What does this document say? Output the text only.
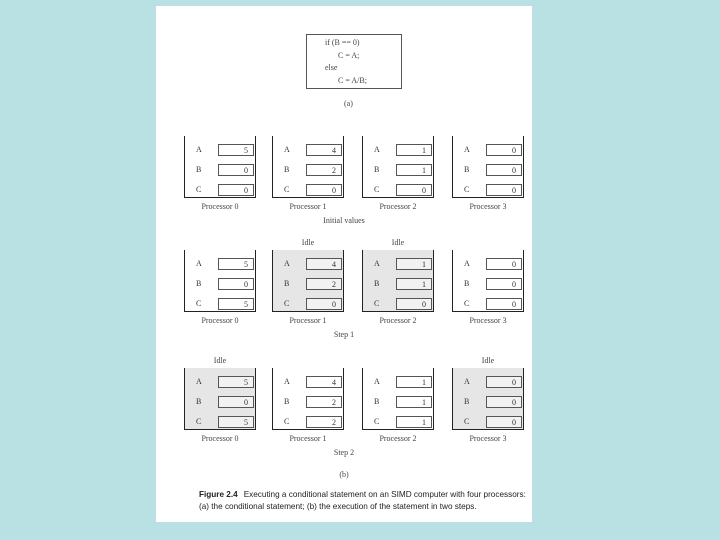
if (B == 0)
C = A;
else
C = A/B;
(a)
A	5
B	0
C	0
Processor 0
A	4
B	2
C	0
Processor 1
A	1
B	1
C	0
Processor 2
A	0
B	0
C	0
Processor 3
Initial values
A	5
B	0
C	5
Processor 0
A	4
B	2
C	0
Processor 1
Idle
A	1
B	1
C	0
Processor 2
Idle
A	0
B	0
C	0
Processor 3
Step 1
A	5
B	0
C	5
Processor 0
Idle
A	4
B	2
C	2
Processor 1
A	1
B	1
C	1
Processor 2
A	0
B	0
C	0
Processor 3
Idle
Step 2
(b)
Figure 2.4 Executing a conditional statement on an SIMD computer with four processors: (a) the conditional statement; (b) the execution of the statement in two steps.
